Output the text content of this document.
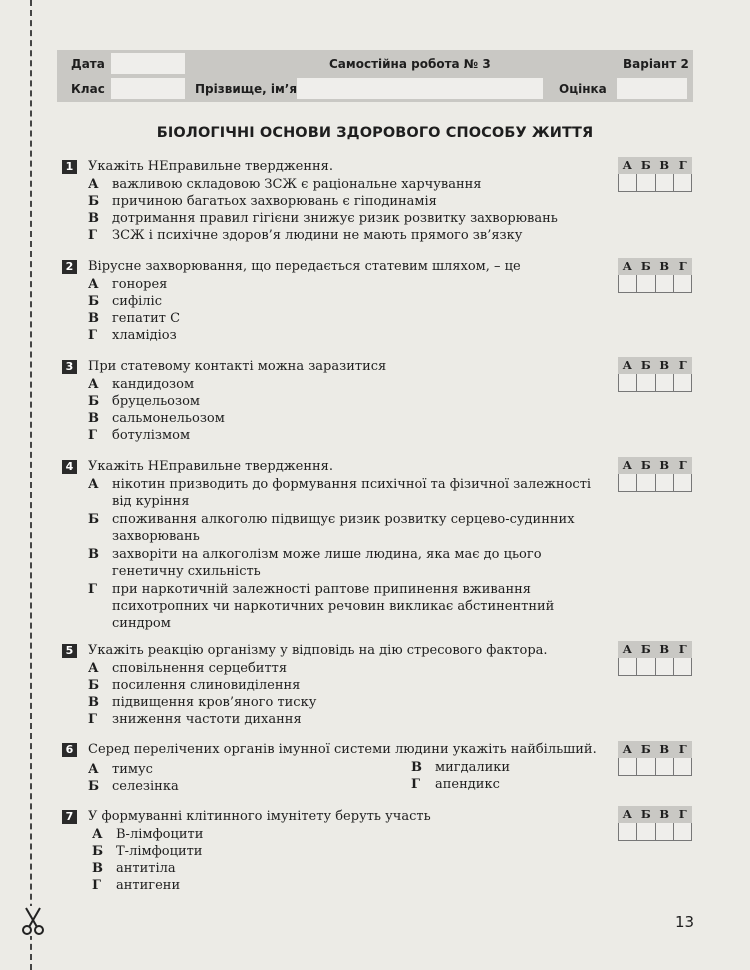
Дата	Самостійна робота № 3	Варіант 2
Клас	Прізвище, ім’я	Оцінка
БІОЛОГІЧНІ ОСНОВИ ЗДОРОВОГО СПОСОБУ ЖИТТЯ
1 Укажіть НЕправильне твердження.
А важливою складовою ЗСЖ є раціональне харчування
Б причиною багатьох захворювань є гіподинамія
В дотримання правил гігієни знижує ризик розвитку захворювань
Г ЗСЖ і психічне здоров’я людини не мають прямого зв’язку
А Б В Г
2 Вірусне захворювання, що передається статевим шляхом, – це
А гонорея
Б сифіліс
В гепатит С
Г хламідіоз
А Б В Г
3 При статевому контакті можна заразитися
А кандидозом
Б бруцельозом
В сальмонельозом
Г ботулізмом
А Б В Г
4 Укажіть НЕправильне твердження.
А нікотин призводить до формування психічної та фізичної залежності
від куріння
Б споживання алкоголю підвищує ризик розвитку серцево-судинних
захворювань
В захворіти на алкоголізм може лише людина, яка має до цього
генетичну схильність
Г при наркотичній залежності раптове припинення вживання
психотропних чи наркотичних речовин викликає абстинентний
синдром
А Б В Г
5 Укажіть реакцію організму у відповідь на дію стресового фактора.
А сповільнення серцебиття
Б посилення слиновиділення
В підвищення кров’яного тиску
Г зниження частоти дихання
А Б В Г
6 Серед перелічених органів імунної системи людини укажіть найбільший.
А тимус
Б селезінка
В мигдалики
Г апендикс
А Б В Г
7 У формуванні клітинного імунітету беруть участь
А В-лімфоцити
Б Т-лімфоцити
В антитіла
Г антигени
А Б В Г
13
